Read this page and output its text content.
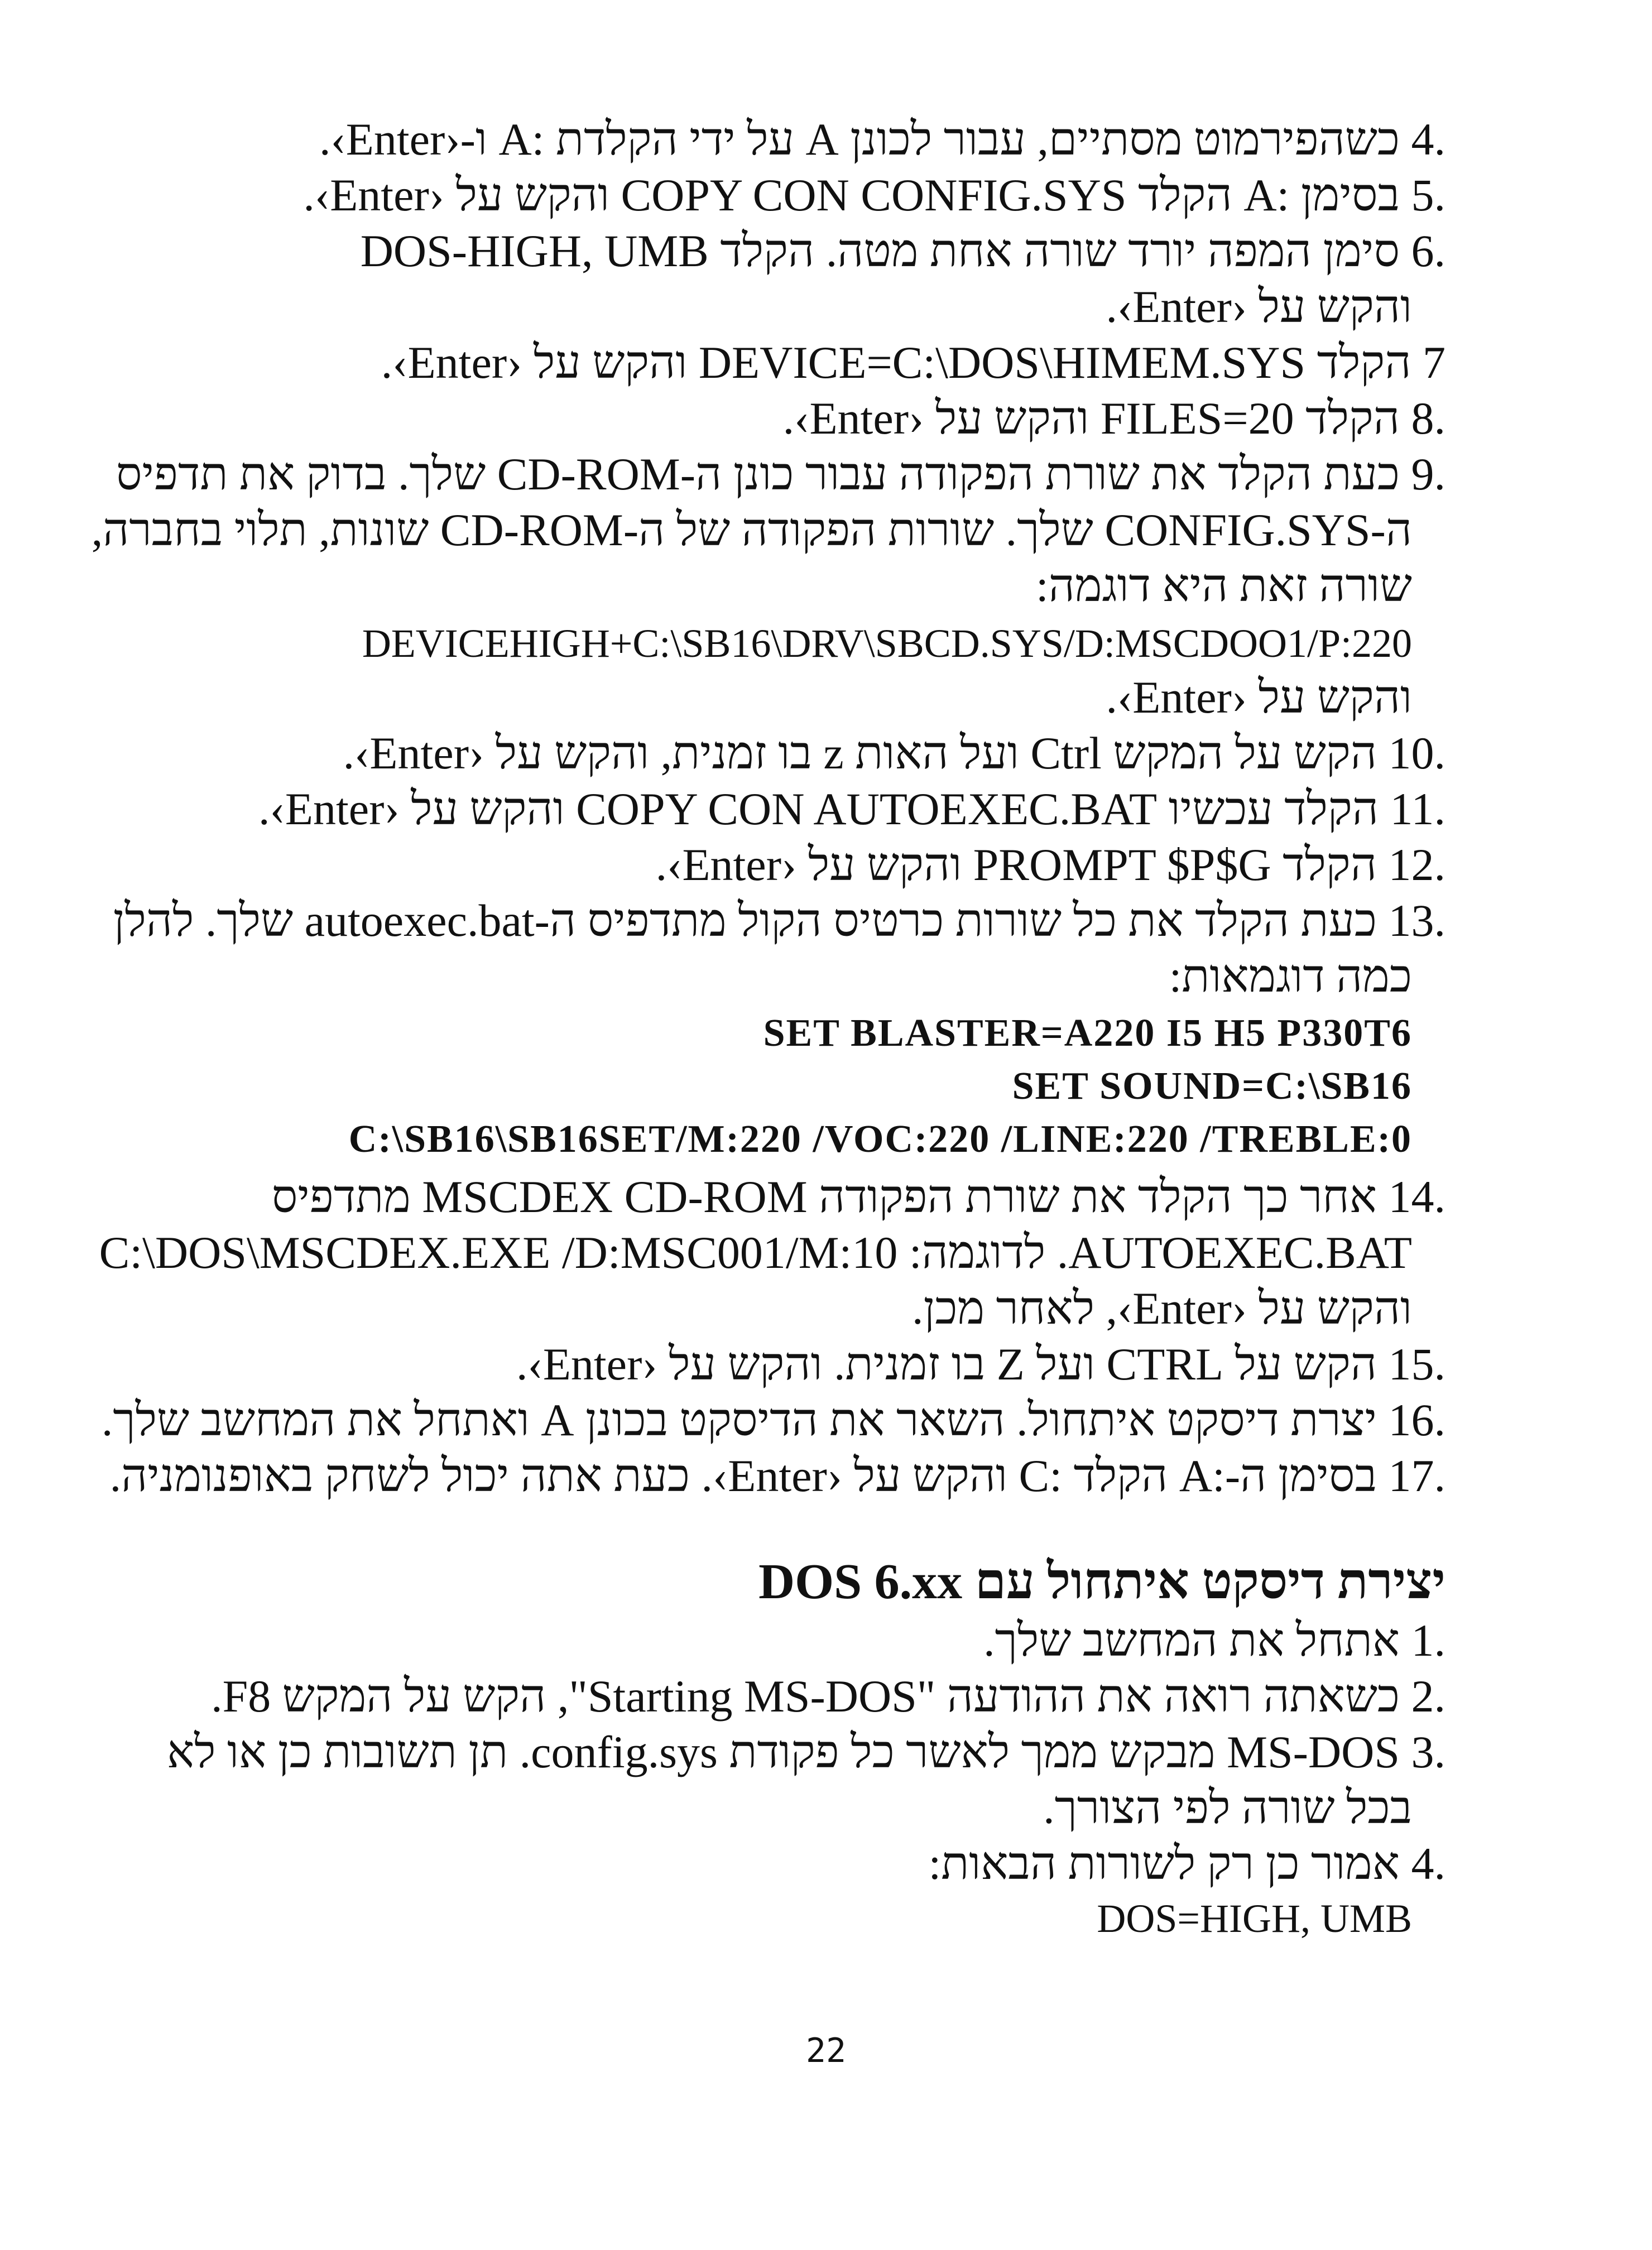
.4 כשהפירמוט מסתיים, עבור לכונן A על ידי הקלדת :A ו-‹Enter›.
.5 בסימן :A הקלד COPY CON CONFIG.SYS והקש על ‹Enter›.
.6 סימן המפה יורד שורה אחת מטה. הקלד DOS-HIGH, UMB
והקש על ‹Enter›.
7 הקלד DEVICE=C:\DOS\HIMEM.SYS והקש על ‹Enter›.
.8 הקלד FILES=20 והקש על ‹Enter›.
.9 כעת הקלד את שורת הפקודה עבור כונן ה-CD-ROM שלך. בדוק את תדפיס
ה-CONFIG.SYS שלך. שורות הפקודה של ה-CD-ROM שונות, תלוי בחברה,
שורה זאת היא דוגמה:
DEVICEHIGH+C:\SB16\DRV\SBCD.SYS/D:MSCDOO1/P:220
והקש על ‹Enter›.
.10 הקש על המקש Ctrl ועל האות z בו זמנית, והקש על ‹Enter›.
.11 הקלד עכשיו COPY CON AUTOEXEC.BAT והקש על ‹Enter›.
.12 הקלד PROMPT $P$G והקש על ‹Enter›.
.13 כעת הקלד את כל שורות כרטיס הקול מתדפיס ה-autoexec.bat שלך. להלן
כמה דוגמאות:
SET BLASTER=A220 I5 H5 P330T6
SET SOUND=C:\SB16
C:\SB16\SB16SET/M:220 /VOC:220 /LINE:220 /TREBLE:0
.14 אחר כך הקלד את שורת הפקודה MSCDEX CD-ROM מתדפיס
AUTOEXEC.BAT. לדוגמה: C:\DOS\MSCDEX.EXE /D:MSC001/M:10
והקש על ‹Enter›, לאחר מכן.
.15 הקש על CTRL ועל Z בו זמנית. והקש על ‹Enter›.
.16 יצרת דיסקט איתחול. השאר את הדיסקט בכונן A ואתחל את המחשב שלך.
.17 בסימן ה-:A הקלד :C והקש על ‹Enter›. כעת אתה יכול לשחק באופנומניה.
יצירת דיסקט איתחול עם DOS 6.xx
.1 אתחל את המחשב שלך.
.2 כשאתה רואה את ההודעה "Starting MS-DOS", הקש על המקש F8.
.3 MS-DOS מבקש ממך לאשר כל פקודת config.sys. תן תשובות כן או לא
בכל שורה לפי הצורך.
.4 אמור כן רק לשורות הבאות:
DOS=HIGH, UMB
22
